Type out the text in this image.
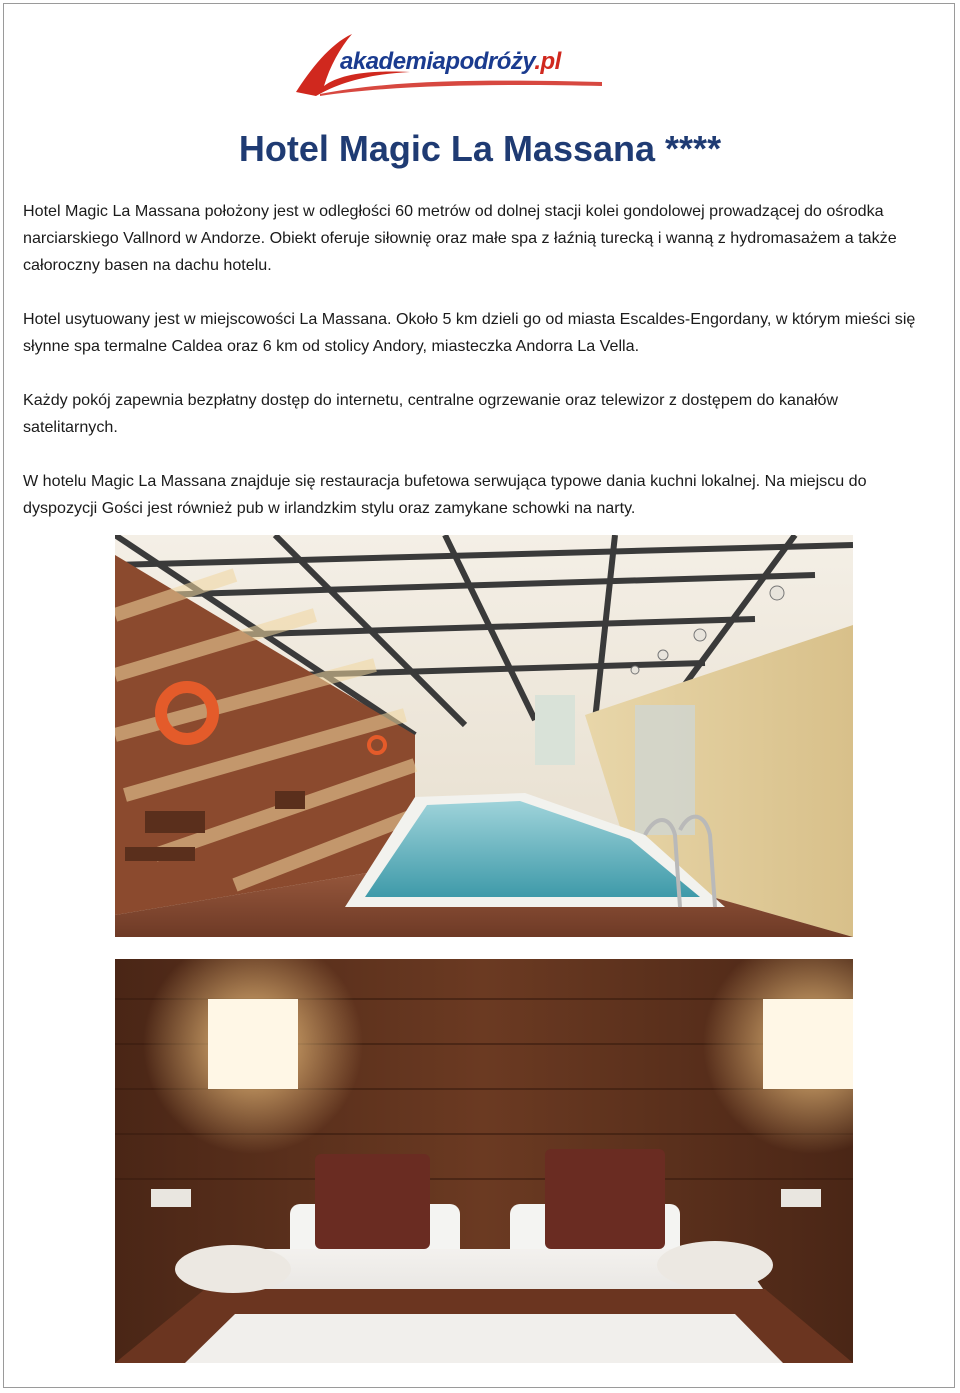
akademiapodróży.pl
Hotel Magic La Massana ****

Hotel Magic La Massana położony jest w odległości 60 metrów od dolnej stacji kolei gondolowej prowadzącej do ośrodka narciarskiego Vallnord w Andorze. Obiekt oferuje siłownię oraz małe spa z łaźnią turecką i wanną z hydromasażem a także całoroczny basen na dachu hotelu.

Hotel usytuowany jest w miejscowości La Massana. Około 5 km dzieli go od miasta Escaldes-Engordany, w którym mieści się słynne spa termalne Caldea oraz 6 km od stolicy Andory, miasteczka Andorra La Vella.

Każdy pokój zapewnia bezpłatny dostęp do internetu, centralne ogrzewanie oraz telewizor z dostępem do kanałów satelitarnych.

W hotelu Magic La Massana znajduje się restauracja bufetowa serwująca typowe dania kuchni lokalnej. Na miejscu do dyspozycji Gości jest również pub w irlandzkim stylu oraz zamykane schowki na narty.
